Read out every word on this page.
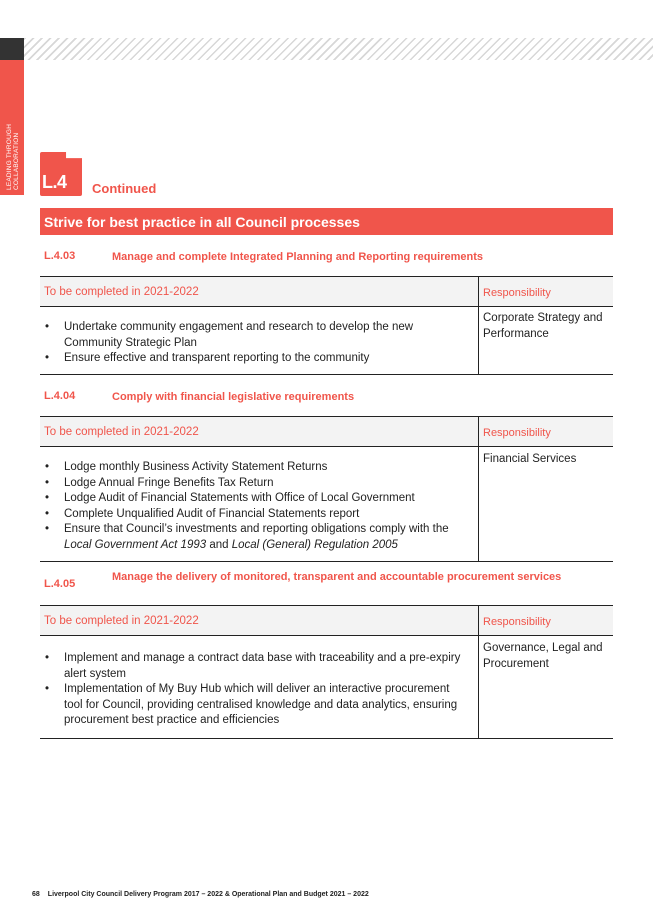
LEADING THROUGH
COLLABORATION L.4 Continued
Strive for best practice in all Council processes
L.4.03	Manage and complete Integrated Planning and Reporting requirements
To be completed in 2021-2022	Responsibility
• Undertake community engagement and research to develop the new Community Strategic Plan
• Ensure effective and transparent reporting to the community
Corporate Strategy and Performance
L.4.04	Comply with financial legislative requirements
To be completed in 2021-2022	Responsibility
• Lodge monthly Business Activity Statement Returns
• Lodge Annual Fringe Benefits Tax Return
• Lodge Audit of Financial Statements with Office of Local Government
• Complete Unqualified Audit of Financial Statements report
• Ensure that Council’s investments and reporting obligations comply with the Local Government Act 1993 and Local (General) Regulation 2005
Financial Services
L.4.05
Manage the delivery of monitored, transparent and accountable procurement services
To be completed in 2021-2022	Responsibility
• Implement and manage a contract data base with traceability and a pre-expiry alert system
• Implementation of My Buy Hub which will deliver an interactive procurement tool for Council, providing centralised knowledge and data analytics, ensuring procurement best practice and efficiencies
Governance, Legal and Procurement
68 Liverpool City Council Delivery Program 2017 – 2022 & Operational Plan and Budget 2021 – 2022
